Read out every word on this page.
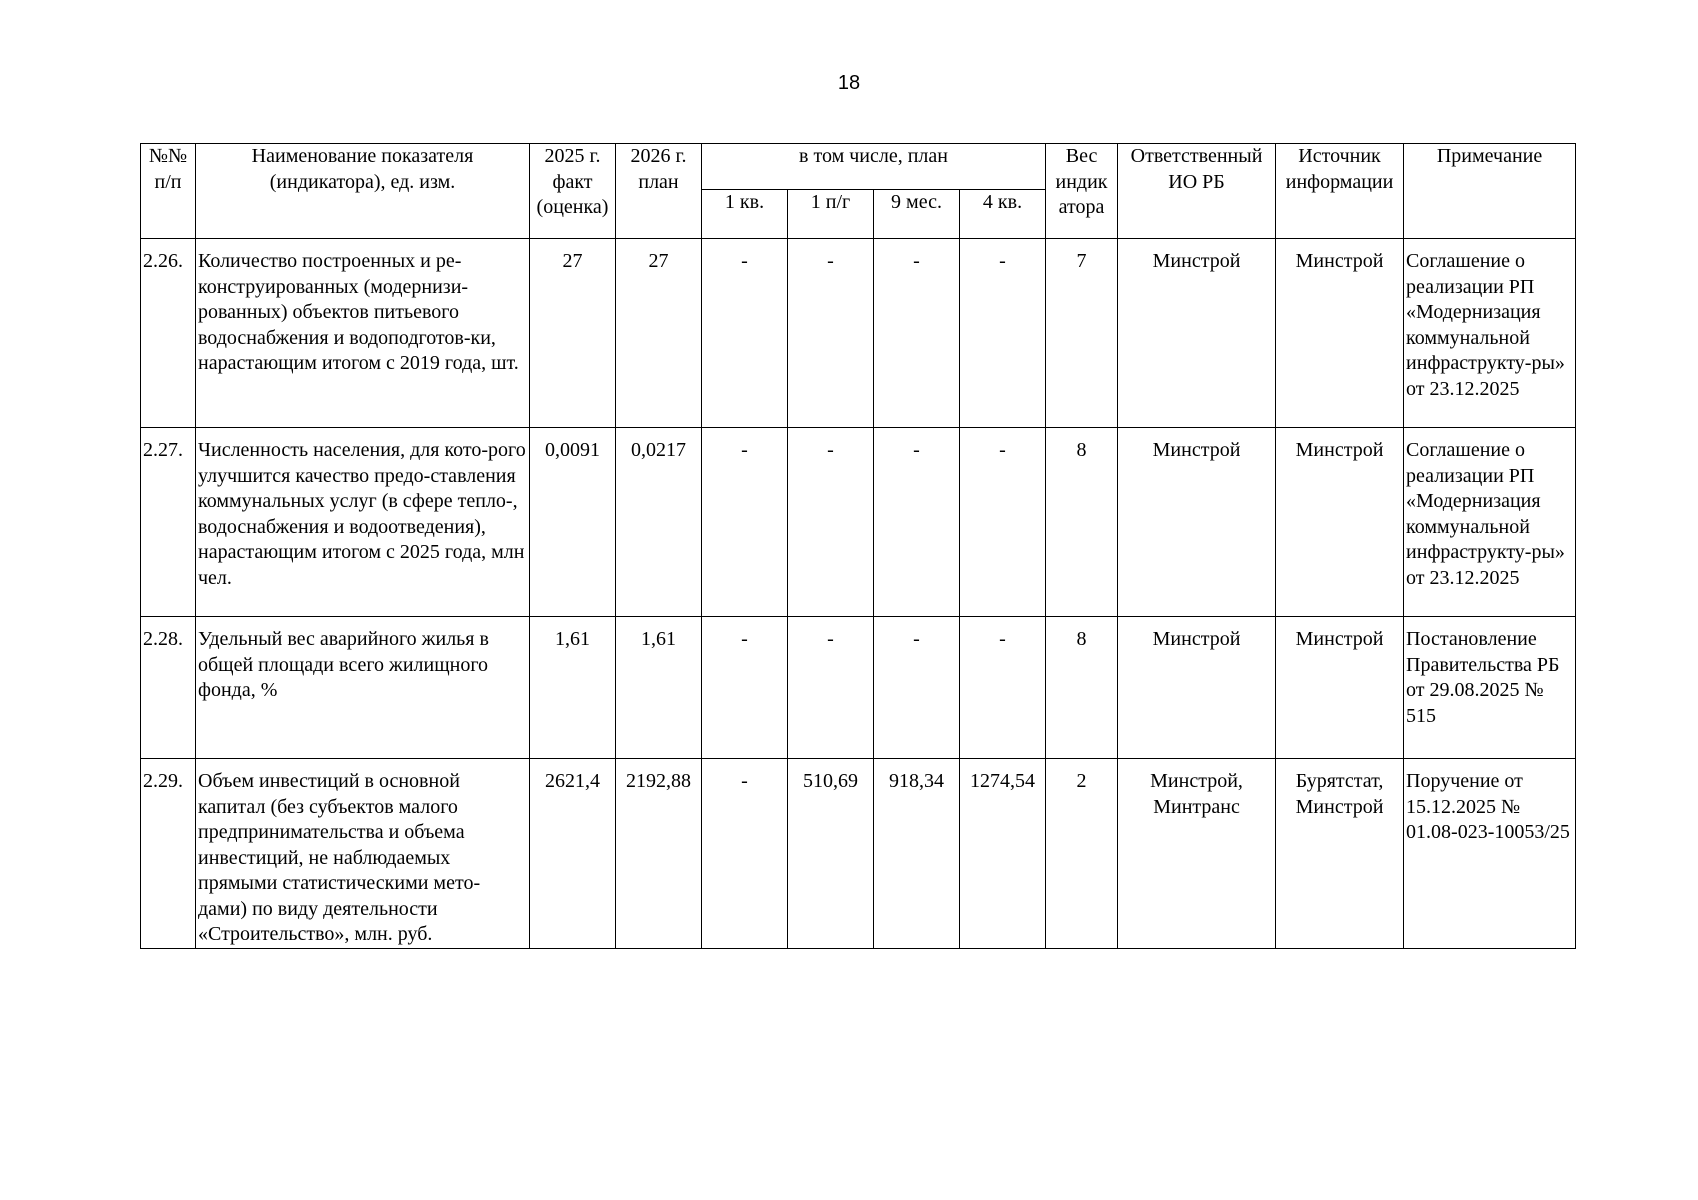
18
№№ п/п	Наименование показателя (индикатора), ед. изм.	2025 г. факт (оценка)	2026 г. план	в том числе, план				Вес индик атора	Ответственный ИО РБ	Источник информации	Примечание
				1 кв.	1 п/г	9 мес.	4 кв.				
2.26.	Количество построенных и ре-конструированных (модернизи-рованных) объектов питьевого водоснабжения и водоподготов-ки, нарастающим итогом с 2019 года, шт.	27	27	-	-	-	-	7	Минстрой	Минстрой	Соглашение о реализации РП «Модернизация коммунальной инфраструкту-ры» от 23.12.2025
2.27.	Численность населения, для кото-рого улучшится качество предо-ставления коммунальных услуг (в сфере тепло-, водоснабжения и водоотведения), нарастающим итогом с 2025 года, млн чел.	0,0091	0,0217	-	-	-	-	8	Минстрой	Минстрой	Соглашение о реализации РП «Модернизация коммунальной инфраструкту-ры» от 23.12.2025
2.28.	Удельный вес аварийного жилья в общей площади всего жилищного фонда, %	1,61	1,61	-	-	-	-	8	Минстрой	Минстрой	Постановление Правительства РБ от 29.08.2025 № 515
2.29.	Объем инвестиций в основной капитал (без субъектов малого предпринимательства и объема инвестиций, не наблюдаемых прямыми статистическими мето-дами) по виду деятельности «Строительство», млн. руб.	2621,4	2192,88	-	510,69	918,34	1274,54	2	Минстрой, Минтранс	Бурятстат, Минстрой	Поручение от 15.12.2025 № 01.08-023-10053/25
